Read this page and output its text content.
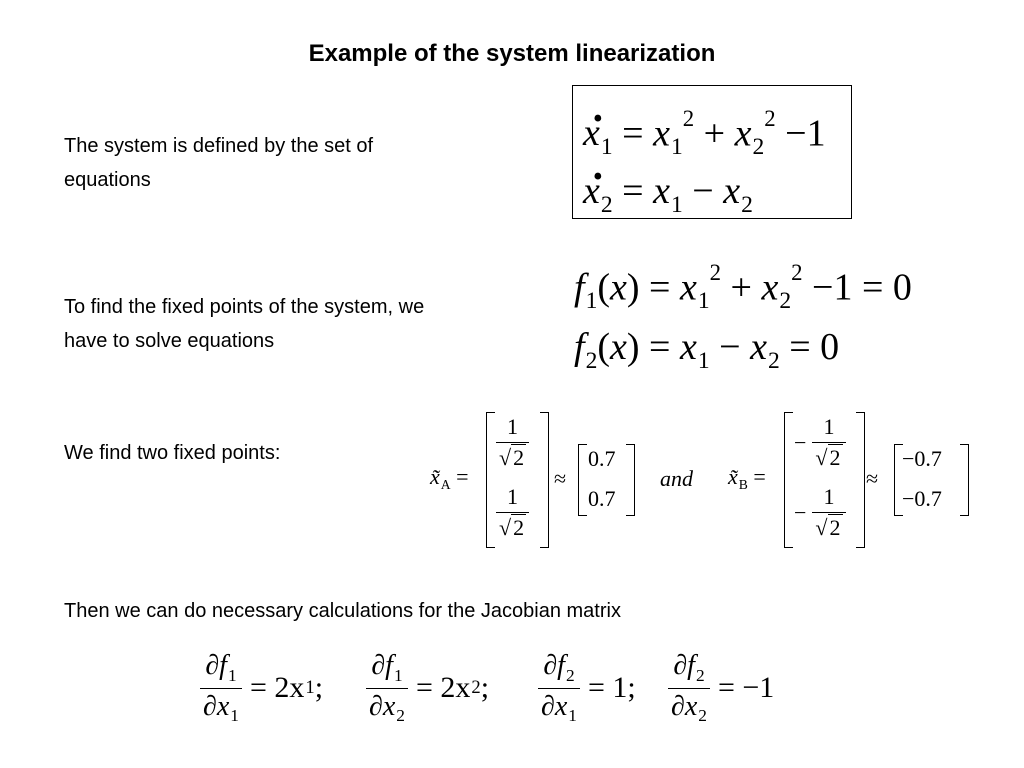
Example of the system linearization
The system is defined by the set of
equations
. $x_1 = x_1^2 + x_2^2 -1$
. $x_2 = x_1 - x_2$
To find the fixed points of the system, we
have to solve equations
$f_1(x) = x_1^2 + x_2^2 -1 = 0$
$f_2(x) = x_1 - x_2 = 0$
We find two fixed points:
$x̃_A$ =
$\frac{1}{√2}$
$\frac{1}{√2}$
≈
0.7
0.7
and $x̃_B$ =
− $\frac{1}{√2}$
− $\frac{1}{√2}$
≈
−0.7
−0.7
Then we can do necessary calculations for the Jacobian matrix
$\frac{\partial f_1}{\partial x_1} = 2x$ 1 ; $\frac{\partial f_1}{\partial x_2} = 2x$ 2 ; $\frac{\partial f_2}{\partial x_1} = 1$; $\frac{\partial f_2}{\partial x_2} = -1$
